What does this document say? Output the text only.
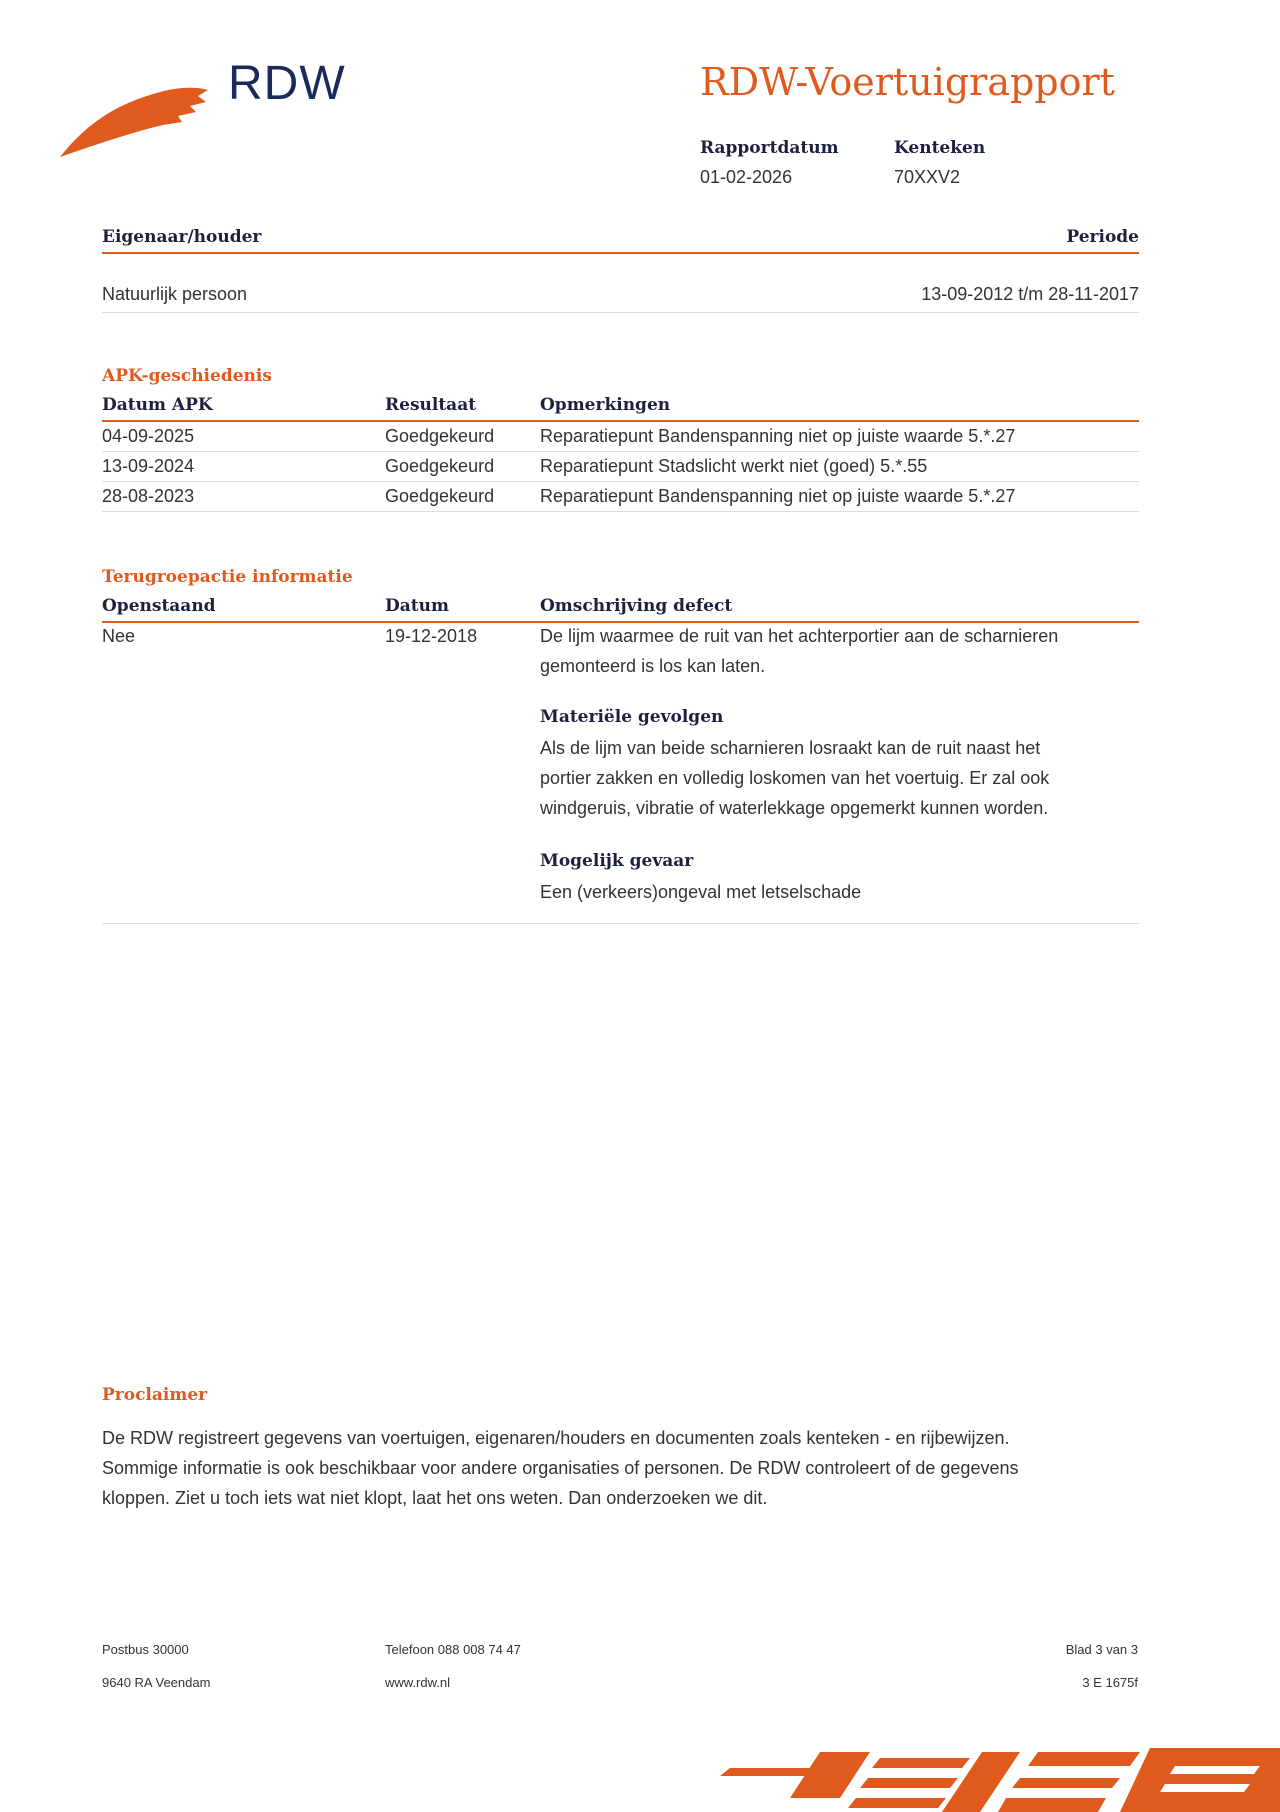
RDW	RDW-Voertuigrapport
Rapportdatum
01-02-2026
Kenteken
70XXV2
Eigenaar/houder	Periode
Natuurlijk persoon	13-09-2012 t/m 28-11-2017
APK-geschiedenis
Datum APK	Resultaat	Opmerkingen
04-09-2025	Goedgekeurd	Reparatiepunt Bandenspanning niet op juiste waarde 5.*.27
13-09-2024	Goedgekeurd	Reparatiepunt Stadslicht werkt niet (goed) 5.*.55
28-08-2023	Goedgekeurd	Reparatiepunt Bandenspanning niet op juiste waarde 5.*.27
Terugroepactie informatie
Openstaand	Datum	Omschrijving defect
Nee	19-12-2018	De lijm waarmee de ruit van het achterportier aan de scharnieren
gemonteerd is los kan laten.
Materiële gevolgen
Als de lijm van beide scharnieren losraakt kan de ruit naast het
portier zakken en volledig loskomen van het voertuig. Er zal ook
windgeruis, vibratie of waterlekkage opgemerkt kunnen worden.
Mogelijk gevaar
Een (verkeers)ongeval met letselschade
Proclaimer
De RDW registreert gegevens van voertuigen, eigenaren/houders en documenten zoals kenteken - en rijbewijzen.
Sommige informatie is ook beschikbaar voor andere organisaties of personen. De RDW controleert of de gegevens
kloppen. Ziet u toch iets wat niet klopt, laat het ons weten. Dan onderzoeken we dit.
Postbus 30000
9640 RA Veendam
Telefoon 088 008 74 47
www.rdw.nl
Blad 3 van 3
3 E 1675f
